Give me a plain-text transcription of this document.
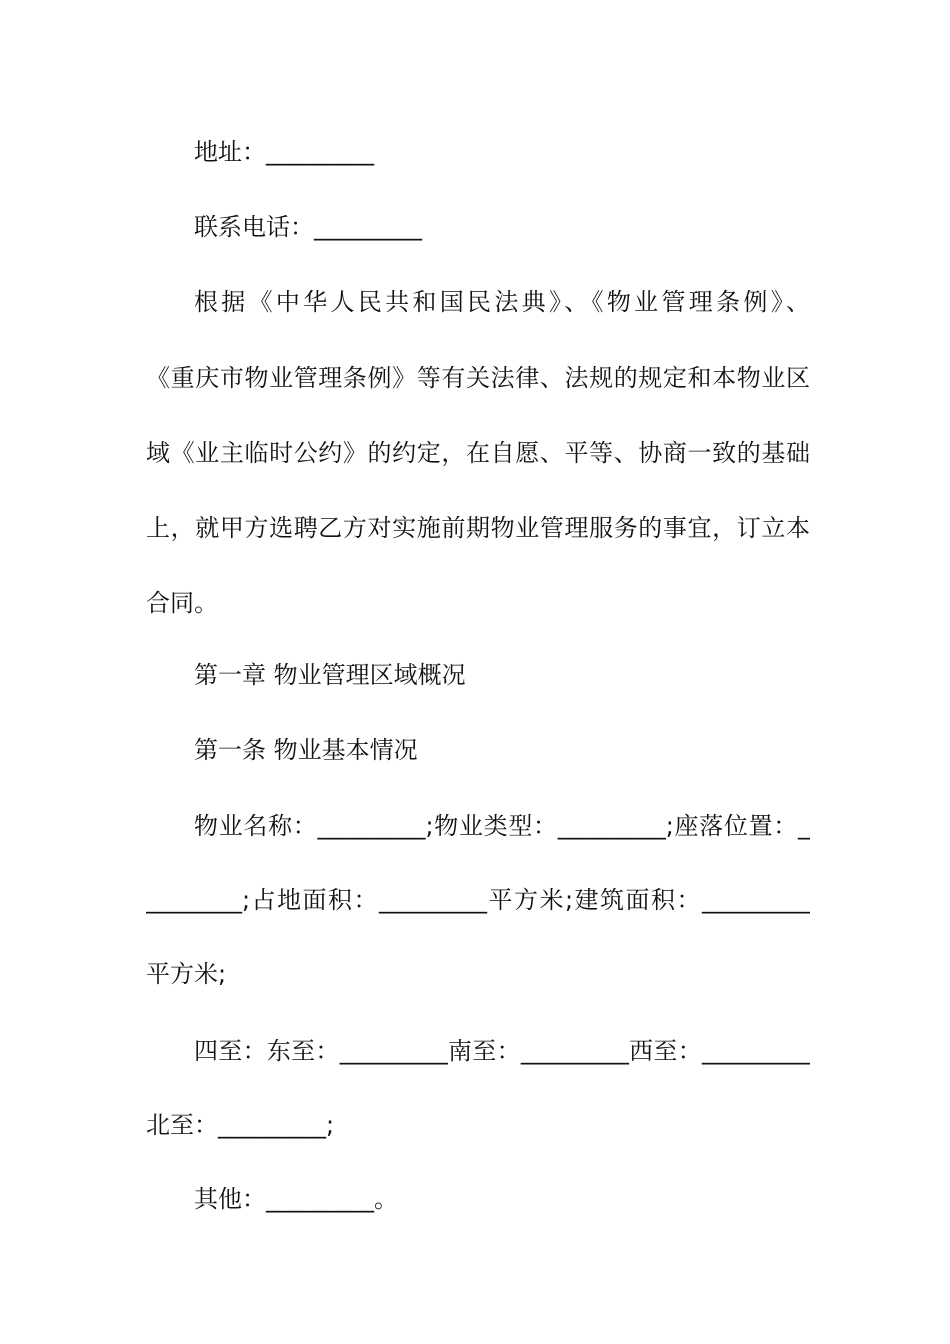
地址：_________
联系电话：_________
根据《中华人民共和国民法典》、《物业管理条例》、
《重庆市物业管理条例》等有关法律、法规的规定和本物业区
域《业主临时公约》的约定，在自愿、平等、协商一致的基础
上，就甲方选聘乙方对实施前期物业管理服务的事宜，订立本
合同。
第一章 物业管理区域概况
第一条 物业基本情况
物业名称：_________;物业类型：_________;座落位置：_
________;占地面积：_________平方米;建筑面积：_________
平方米;
四至：东至：_________南至：_________西至：_________
北至：_________;
其他：_________。
